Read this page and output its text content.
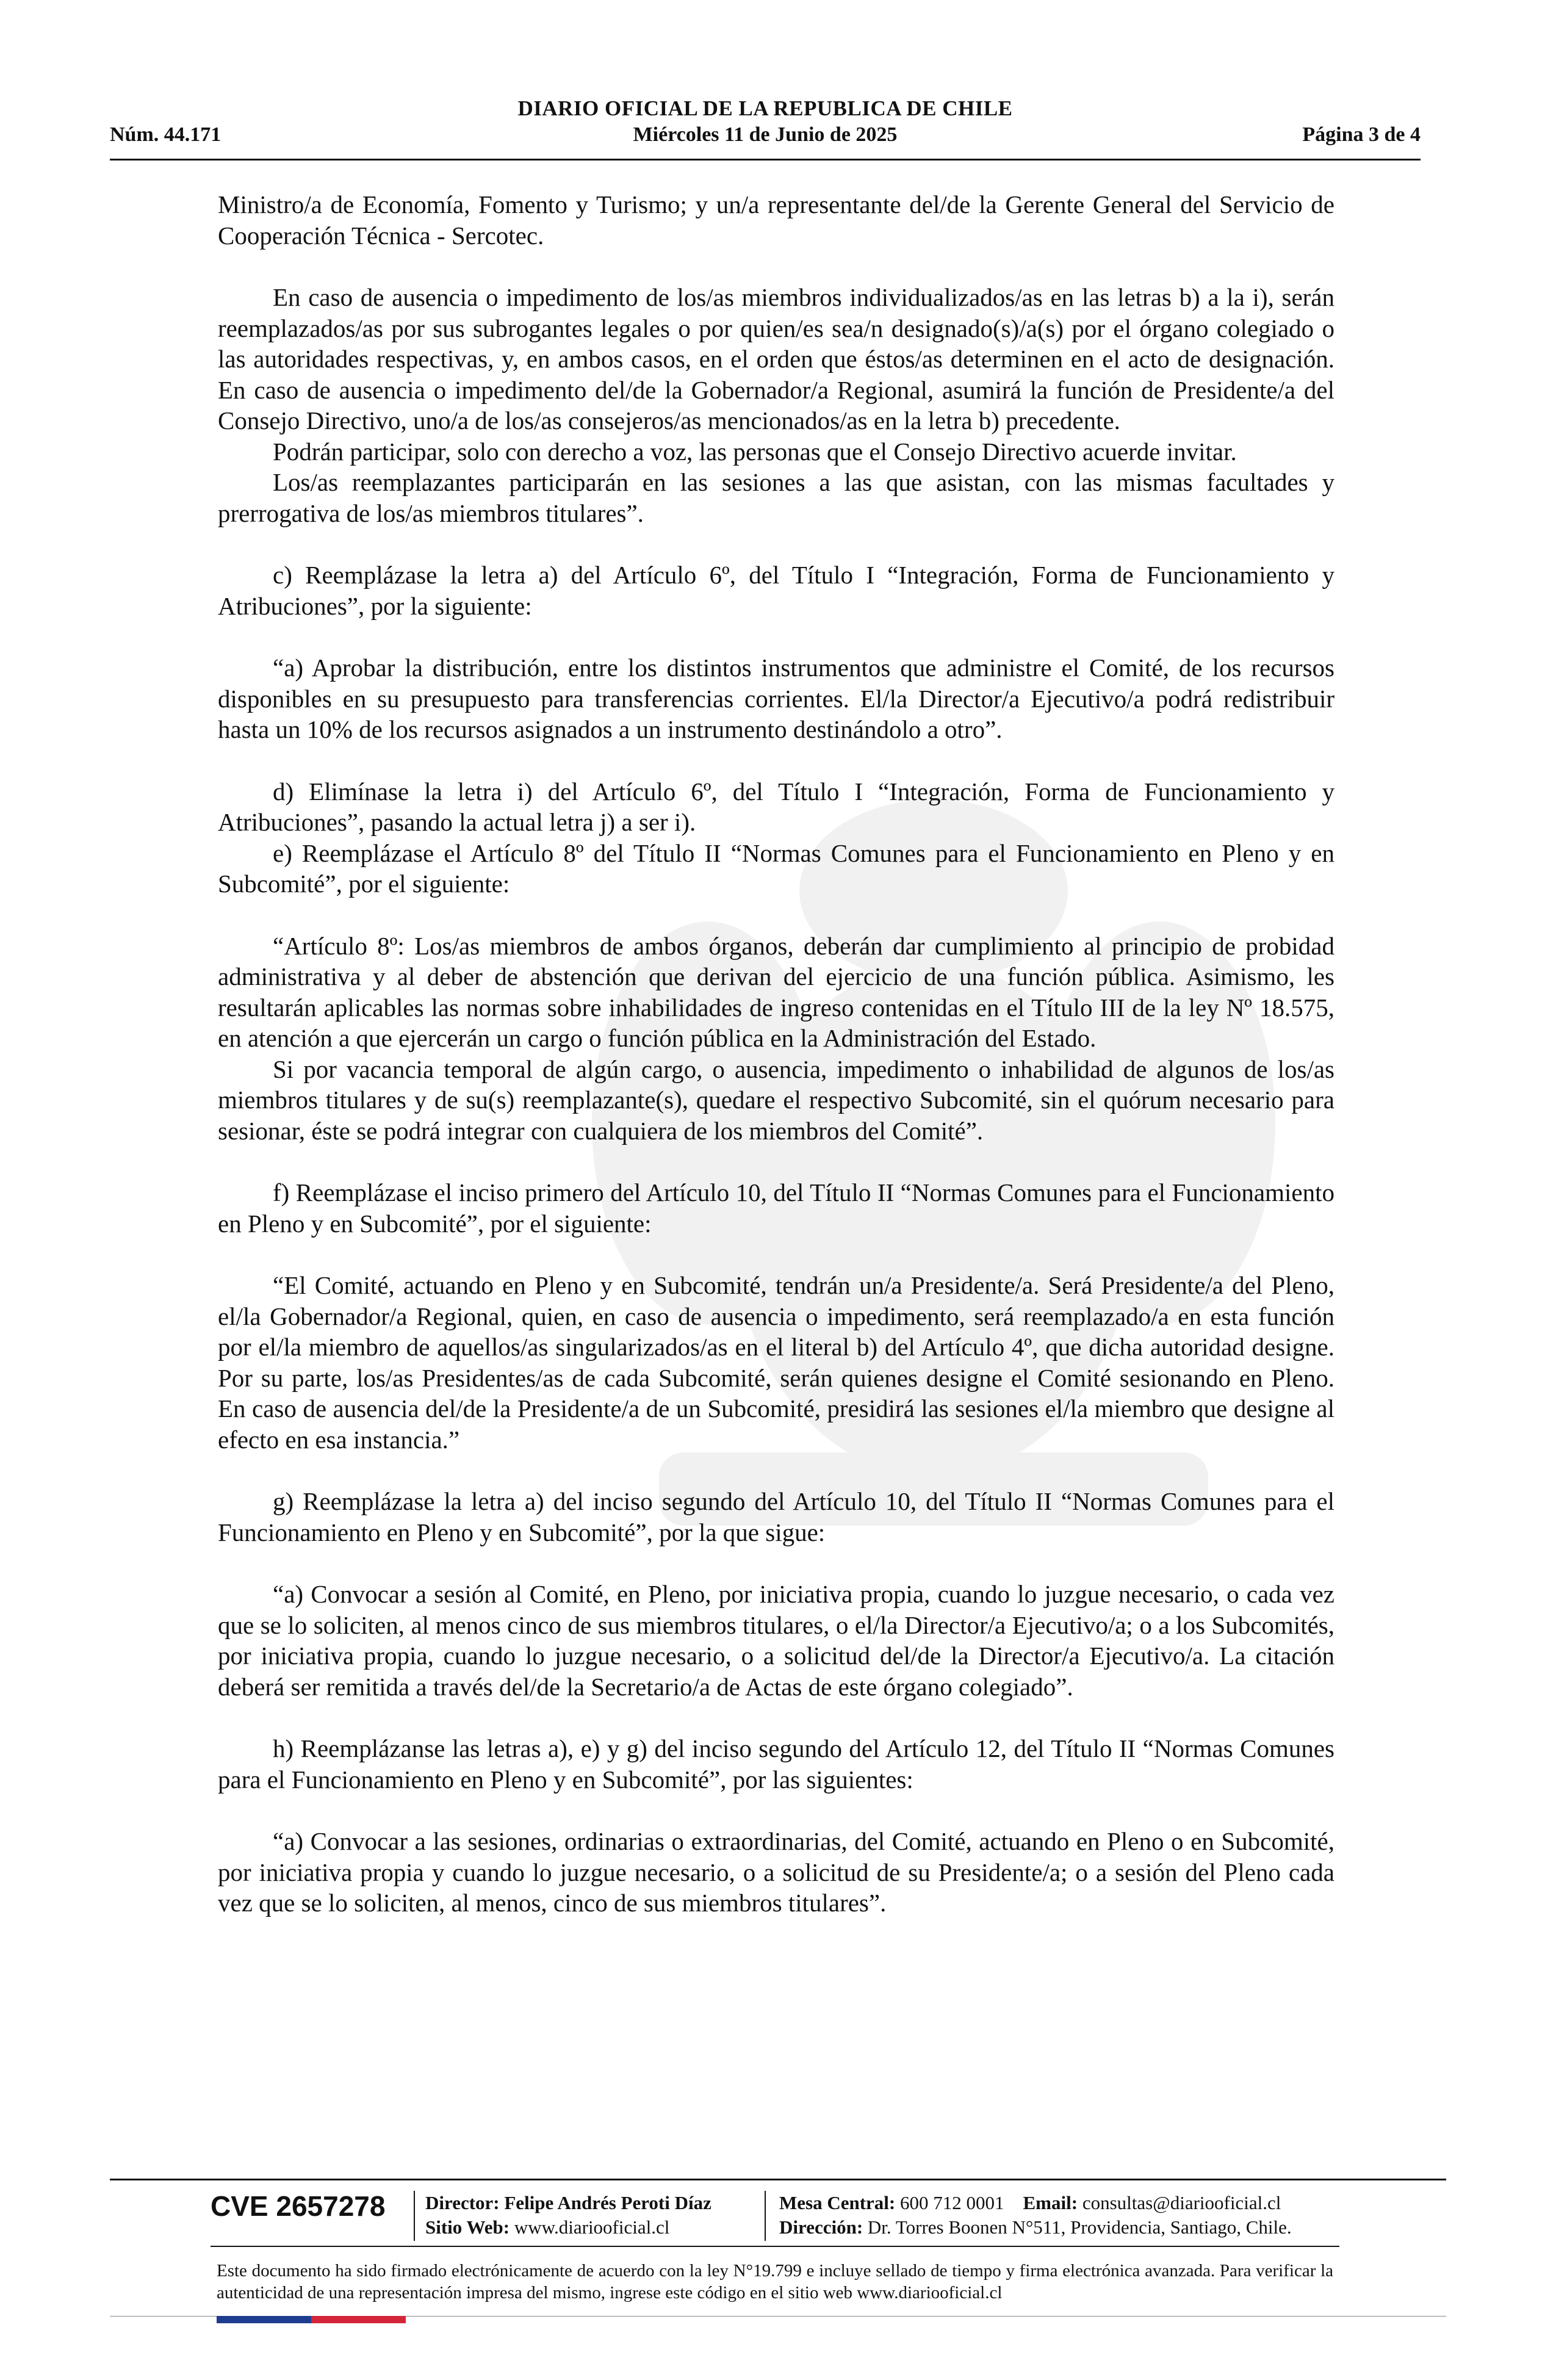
DIARIO OFICIAL DE LA REPUBLICA DE CHILE
Núm. 44.171	Miércoles 11 de Junio de 2025	Página 3 de 4

Ministro/a de Economía, Fomento y Turismo; y un/a representante del/de la Gerente General del Servicio de Cooperación Técnica - Sercotec.

En caso de ausencia o impedimento de los/as miembros individualizados/as en las letras b) a la i), serán reemplazados/as por sus subrogantes legales o por quien/es sea/n designado(s)/a(s) por el órgano colegiado o las autoridades respectivas, y, en ambos casos, en el orden que éstos/as determinen en el acto de designación. En caso de ausencia o impedimento del/de la Gobernador/a Regional, asumirá la función de Presidente/a del Consejo Directivo, uno/a de los/as consejeros/as mencionados/as en la letra b) precedente.

Podrán participar, solo con derecho a voz, las personas que el Consejo Directivo acuerde invitar.

Los/as reemplazantes participarán en las sesiones a las que asistan, con las mismas facultades y prerrogativa de los/as miembros titulares”.

c) Reemplázase la letra a) del Artículo 6º, del Título I “Integración, Forma de Funcionamiento y Atribuciones”, por la siguiente:

“a) Aprobar la distribución, entre los distintos instrumentos que administre el Comité, de los recursos disponibles en su presupuesto para transferencias corrientes. El/la Director/a Ejecutivo/a podrá redistribuir hasta un 10% de los recursos asignados a un instrumento destinándolo a otro”.

d) Elimínase la letra i) del Artículo 6º, del Título I “Integración, Forma de Funcionamiento y Atribuciones”, pasando la actual letra j) a ser i).

e) Reemplázase el Artículo 8º del Título II “Normas Comunes para el Funcionamiento en Pleno y en Subcomité”, por el siguiente:

“Artículo 8º: Los/as miembros de ambos órganos, deberán dar cumplimiento al principio de probidad administrativa y al deber de abstención que derivan del ejercicio de una función pública. Asimismo, les resultarán aplicables las normas sobre inhabilidades de ingreso contenidas en el Título III de la ley Nº 18.575, en atención a que ejercerán un cargo o función pública en la Administración del Estado.

Si por vacancia temporal de algún cargo, o ausencia, impedimento o inhabilidad de algunos de los/as miembros titulares y de su(s) reemplazante(s), quedare el respectivo Subcomité, sin el quórum necesario para sesionar, éste se podrá integrar con cualquiera de los miembros del Comité”.

f) Reemplázase el inciso primero del Artículo 10, del Título II “Normas Comunes para el Funcionamiento en Pleno y en Subcomité”, por el siguiente:

“El Comité, actuando en Pleno y en Subcomité, tendrán un/a Presidente/a. Será Presidente/a del Pleno, el/la Gobernador/a Regional, quien, en caso de ausencia o impedimento, será reemplazado/a en esta función por el/la miembro de aquellos/as singularizados/as en el literal b) del Artículo 4º, que dicha autoridad designe. Por su parte, los/as Presidentes/as de cada Subcomité, serán quienes designe el Comité sesionando en Pleno. En caso de ausencia del/de la Presidente/a de un Subcomité, presidirá las sesiones el/la miembro que designe al efecto en esa instancia.”

g) Reemplázase la letra a) del inciso segundo del Artículo 10, del Título II “Normas Comunes para el Funcionamiento en Pleno y en Subcomité”, por la que sigue:

“a) Convocar a sesión al Comité, en Pleno, por iniciativa propia, cuando lo juzgue necesario, o cada vez que se lo soliciten, al menos cinco de sus miembros titulares, o el/la Director/a Ejecutivo/a; o a los Subcomités, por iniciativa propia, cuando lo juzgue necesario, o a solicitud del/de la Director/a Ejecutivo/a. La citación deberá ser remitida a través del/de la Secretario/a de Actas de este órgano colegiado”.

h) Reemplázanse las letras a), e) y g) del inciso segundo del Artículo 12, del Título II “Normas Comunes para el Funcionamiento en Pleno y en Subcomité”, por las siguientes:

“a) Convocar a las sesiones, ordinarias o extraordinarias, del Comité, actuando en Pleno o en Subcomité, por iniciativa propia y cuando lo juzgue necesario, o a solicitud de su Presidente/a; o a sesión del Pleno cada vez que se lo soliciten, al menos, cinco de sus miembros titulares”.

CVE 2657278 Director: Felipe Andrés Peroti Díaz
Sitio Web: www.diariooficial.cl
Mesa Central: 600 712 0001 Email: consultas@diariooficial.cl
Dirección: Dr. Torres Boonen N°511, Providencia, Santiago, Chile.
Este documento ha sido firmado electrónicamente de acuerdo con la ley N°19.799 e incluye sellado de tiempo y firma electrónica avanzada. Para verificar la autenticidad de una representación impresa del mismo, ingrese este código en el sitio web www.diariooficial.cl
